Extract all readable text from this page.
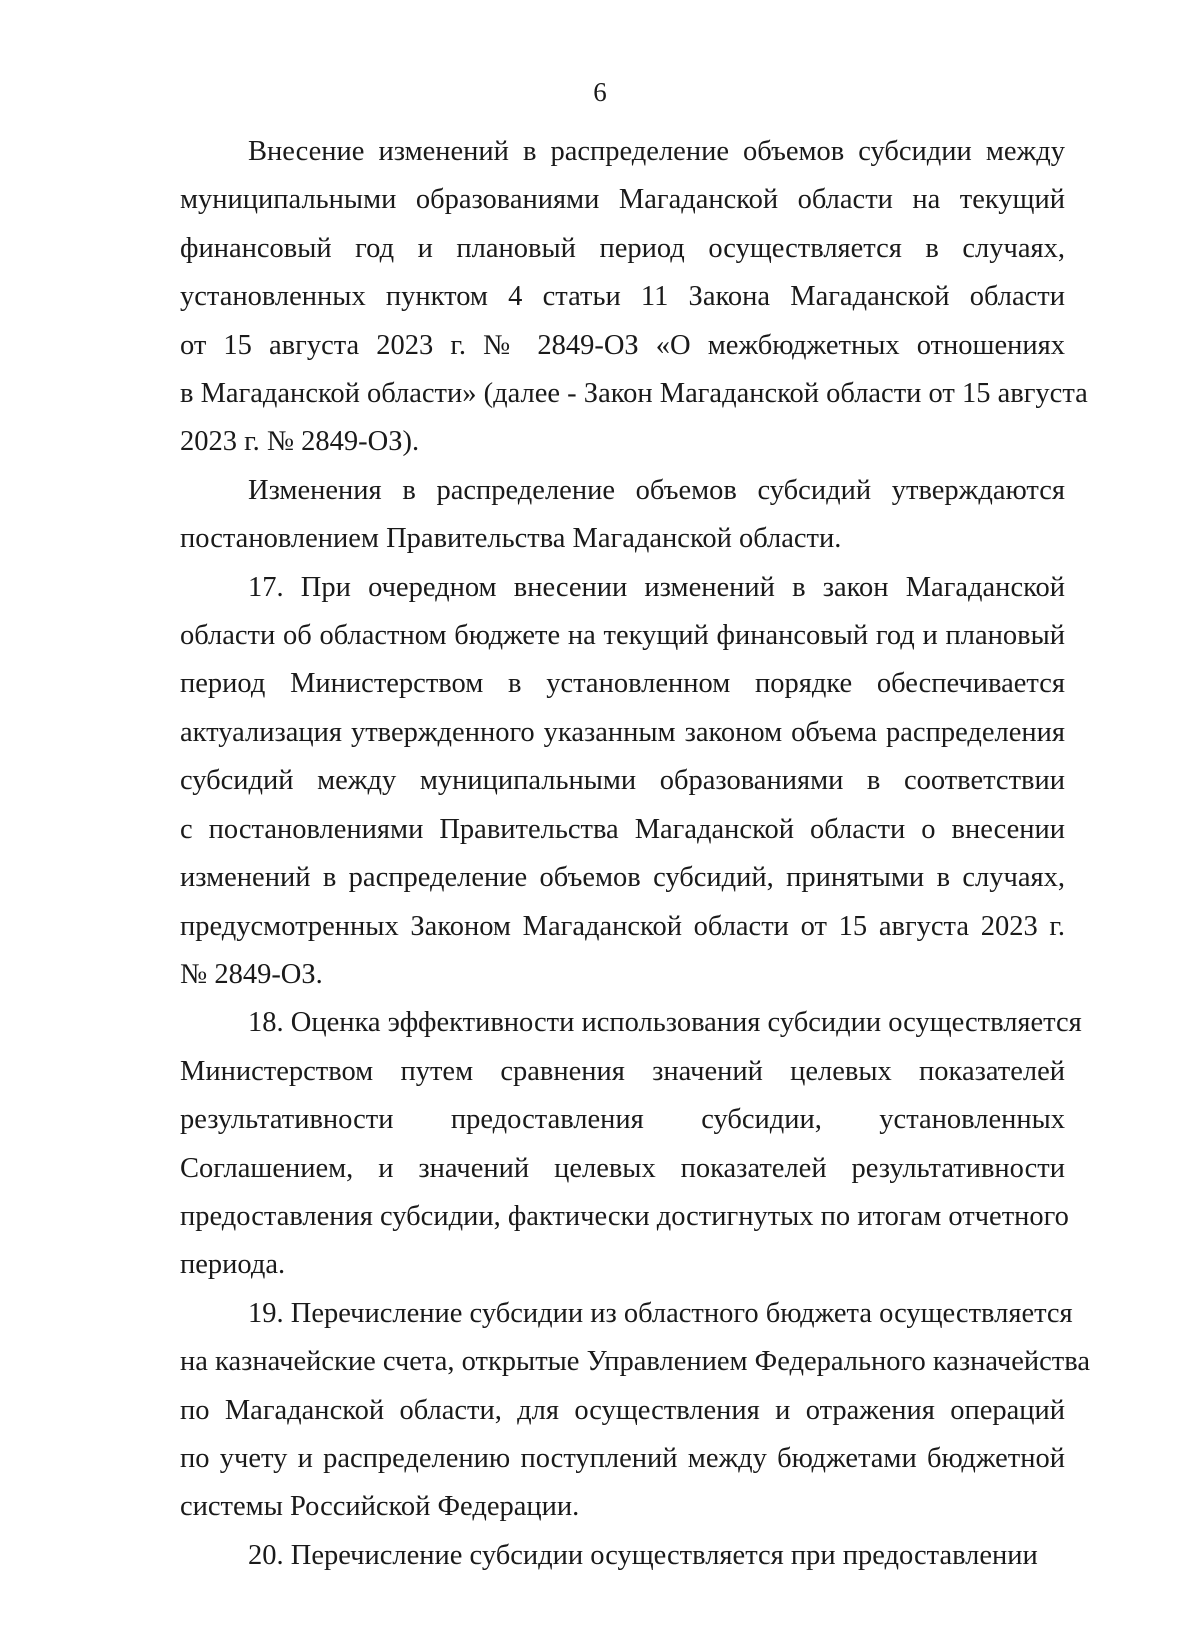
6
Внесение изменений в распределение объемов субсидии между
муниципальными образованиями Магаданской области на текущий
финансовый год и плановый период осуществляется в случаях,
установленных пунктом 4 статьи 11 Закона Магаданской области
от 15 августа 2023 г. № 2849-ОЗ «О межбюджетных отношениях
в Магаданской области» (далее - Закон Магаданской области от 15 августа
2023 г. № 2849-ОЗ).
Изменения в распределение объемов субсидий утверждаются
постановлением Правительства Магаданской области.
17. При очередном внесении изменений в закон Магаданской
области об областном бюджете на текущий финансовый год и плановый
период Министерством в установленном порядке обеспечивается
актуализация утвержденного указанным законом объема распределения
субсидий между муниципальными образованиями в соответствии
с постановлениями Правительства Магаданской области о внесении
изменений в распределение объемов субсидий, принятыми в случаях,
предусмотренных Законом Магаданской области от 15 августа 2023 г.
№ 2849-ОЗ.
18. Оценка эффективности использования субсидии осуществляется
Министерством путем сравнения значений целевых показателей
результативности предоставления субсидии, установленных
Соглашением, и значений целевых показателей результативности
предоставления субсидии, фактически достигнутых по итогам отчетного
периода.
19. Перечисление субсидии из областного бюджета осуществляется
на казначейские счета, открытые Управлением Федерального казначейства
по Магаданской области, для осуществления и отражения операций
по учету и распределению поступлений между бюджетами бюджетной
системы Российской Федерации.
20. Перечисление субсидии осуществляется при предоставлении
